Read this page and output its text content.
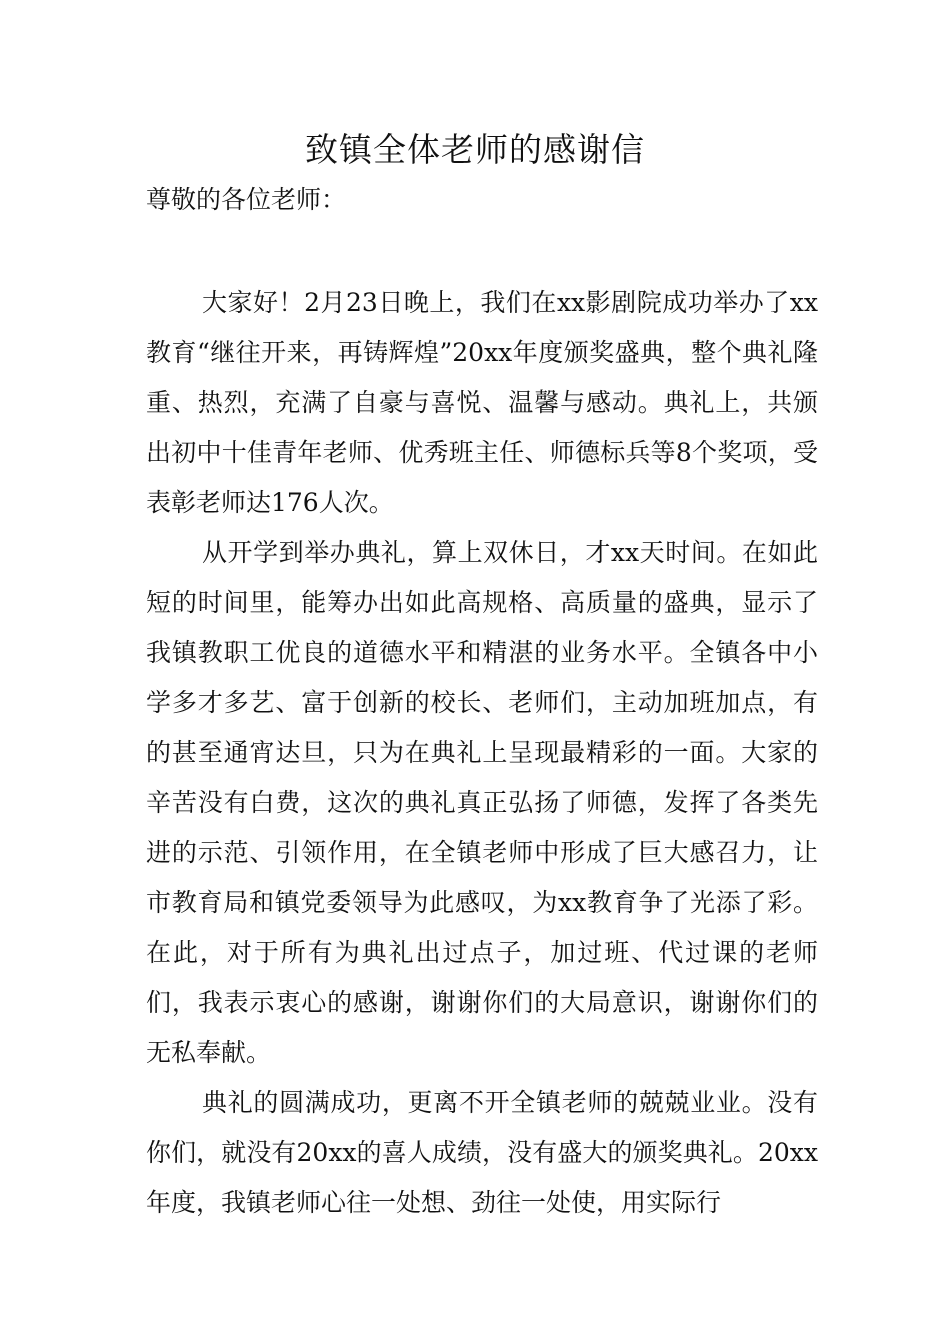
致镇全体老师的感谢信

尊敬的各位老师：

大家好！2月23日晚上，我们在xx影剧院成功举办了xx教育“继往开来，再铸辉煌”20xx年度颁奖盛典，整个典礼隆重、热烈，充满了自豪与喜悦、温馨与感动。典礼上，共颁出初中十佳青年老师、优秀班主任、师德标兵等8个奖项，受表彰老师达176人次。

从开学到举办典礼，算上双休日，才xx天时间。在如此短的时间里，能筹办出如此高规格、高质量的盛典，显示了我镇教职工优良的道德水平和精湛的业务水平。全镇各中小学多才多艺、富于创新的校长、老师们，主动加班加点，有的甚至通宵达旦，只为在典礼上呈现最精彩的一面。大家的辛苦没有白费，这次的典礼真正弘扬了师德，发挥了各类先进的示范、引领作用，在全镇老师中形成了巨大感召力，让市教育局和镇党委领导为此感叹，为xx教育争了光添了彩。在此，对于所有为典礼出过点子，加过班、代过课的老师们，我表示衷心的感谢，谢谢你们的大局意识，谢谢你们的无私奉献。

典礼的圆满成功，更离不开全镇老师的兢兢业业。没有你们，就没有20xx的喜人成绩，没有盛大的颁奖典礼。20xx年度，我镇老师心往一处想、劲往一处使，用实际行
